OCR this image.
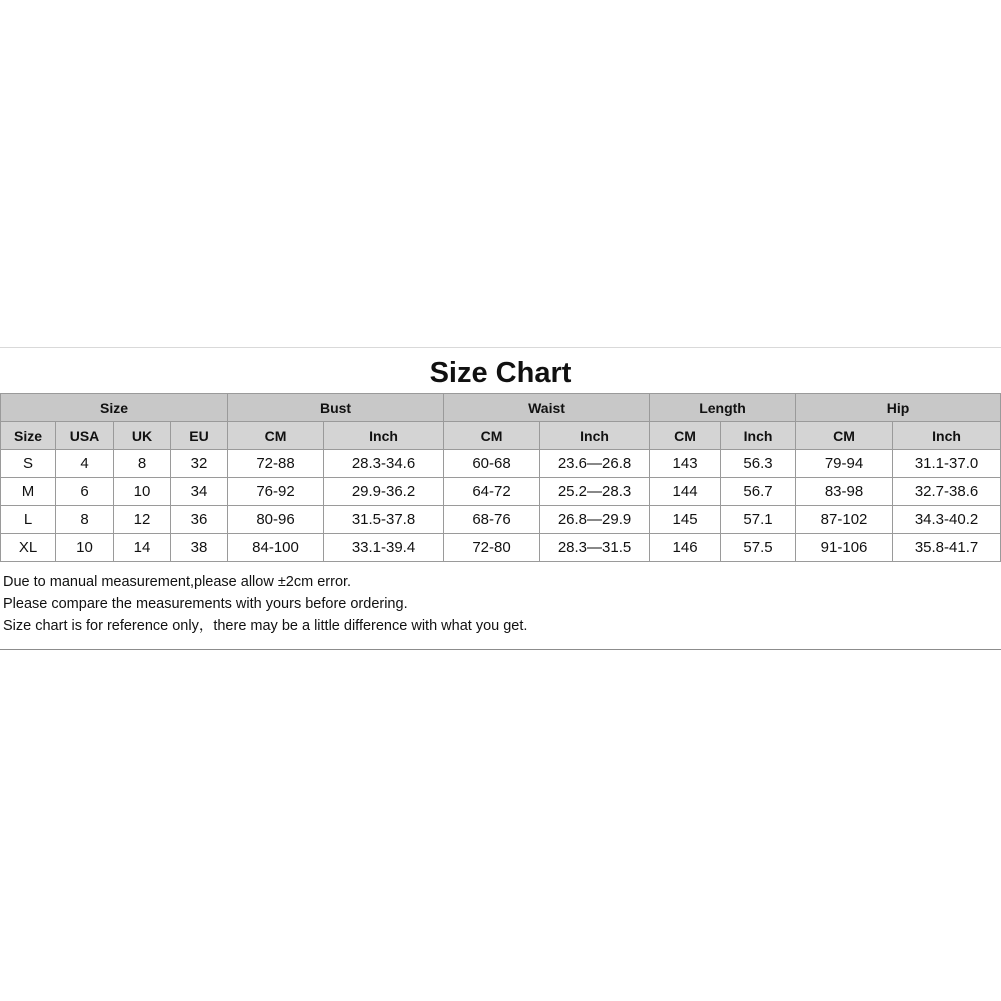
Size Chart
Size				Bust		Waist		Length		Hip	
Size	USA	UK	EU	CM	Inch	CM	Inch	CM	Inch	CM	Inch
S	4	8	32	72-88	28.3-34.6	60-68	23.6—26.8	143	56.3	79-94	31.1-37.0
M	6	10	34	76-92	29.9-36.2	64-72	25.2—28.3	144	56.7	83-98	32.7-38.6
L	8	12	36	80-96	31.5-37.8	68-76	26.8—29.9	145	57.1	87-102	34.3-40.2
XL	10	14	38	84-100	33.1-39.4	72-80	28.3—31.5	146	57.5	91-106	35.8-41.7
Due to manual measurement,please allow ±2cm error.
Please compare the measurements with yours before ordering.
Size chart is for reference only，there may be a little difference with what you get.
